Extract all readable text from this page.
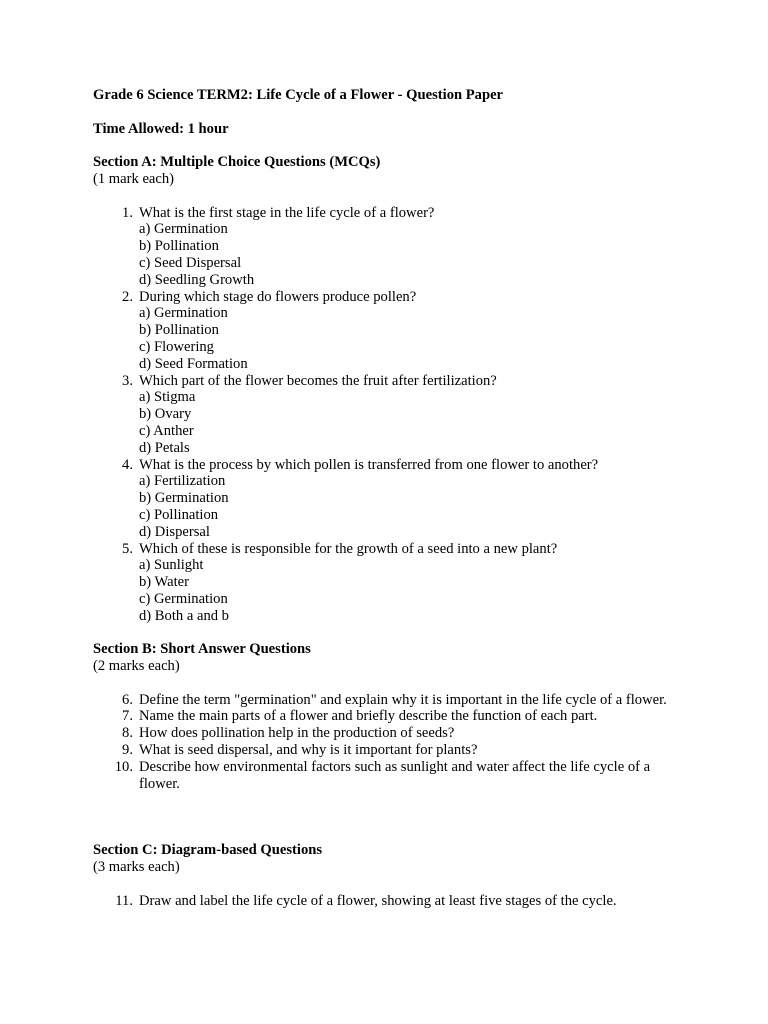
Grade 6 Science TERM2: Life Cycle of a Flower - Question Paper
Time Allowed: 1 hour
Section A: Multiple Choice Questions (MCQs)
(1 mark each)
1. What is the first stage in the life cycle of a flower?
a) Germination
b) Pollination
c) Seed Dispersal
d) Seedling Growth
2. During which stage do flowers produce pollen?
a) Germination
b) Pollination
c) Flowering
d) Seed Formation
3. Which part of the flower becomes the fruit after fertilization?
a) Stigma
b) Ovary
c) Anther
d) Petals
4. What is the process by which pollen is transferred from one flower to another?
a) Fertilization
b) Germination
c) Pollination
d) Dispersal
5. Which of these is responsible for the growth of a seed into a new plant?
a) Sunlight
b) Water
c) Germination
d) Both a and b
Section B: Short Answer Questions
(2 marks each)
6. Define the term "germination" and explain why it is important in the life cycle of a flower.
7. Name the main parts of a flower and briefly describe the function of each part.
8. How does pollination help in the production of seeds?
9. What is seed dispersal, and why is it important for plants?
10. Describe how environmental factors such as sunlight and water affect the life cycle of a flower.
Section C: Diagram-based Questions
(3 marks each)
11. Draw and label the life cycle of a flower, showing at least five stages of the cycle.
